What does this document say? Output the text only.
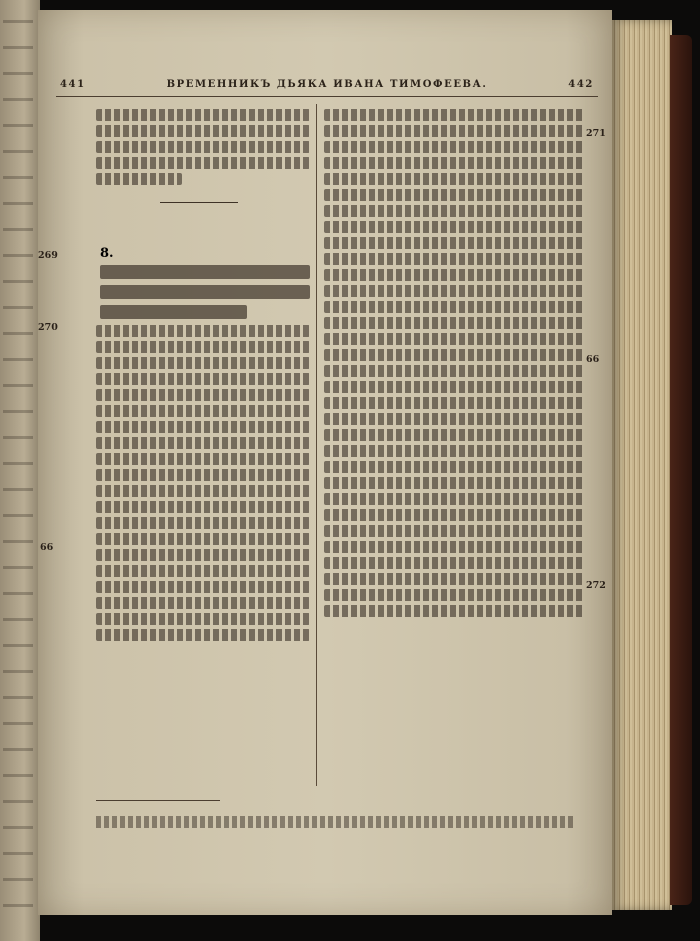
441	ВРЕМЕННИКЪ ДЬЯКА ИВАНА ТИМОФЕЕВА.	442
8.
269
270
66
271
66
272
